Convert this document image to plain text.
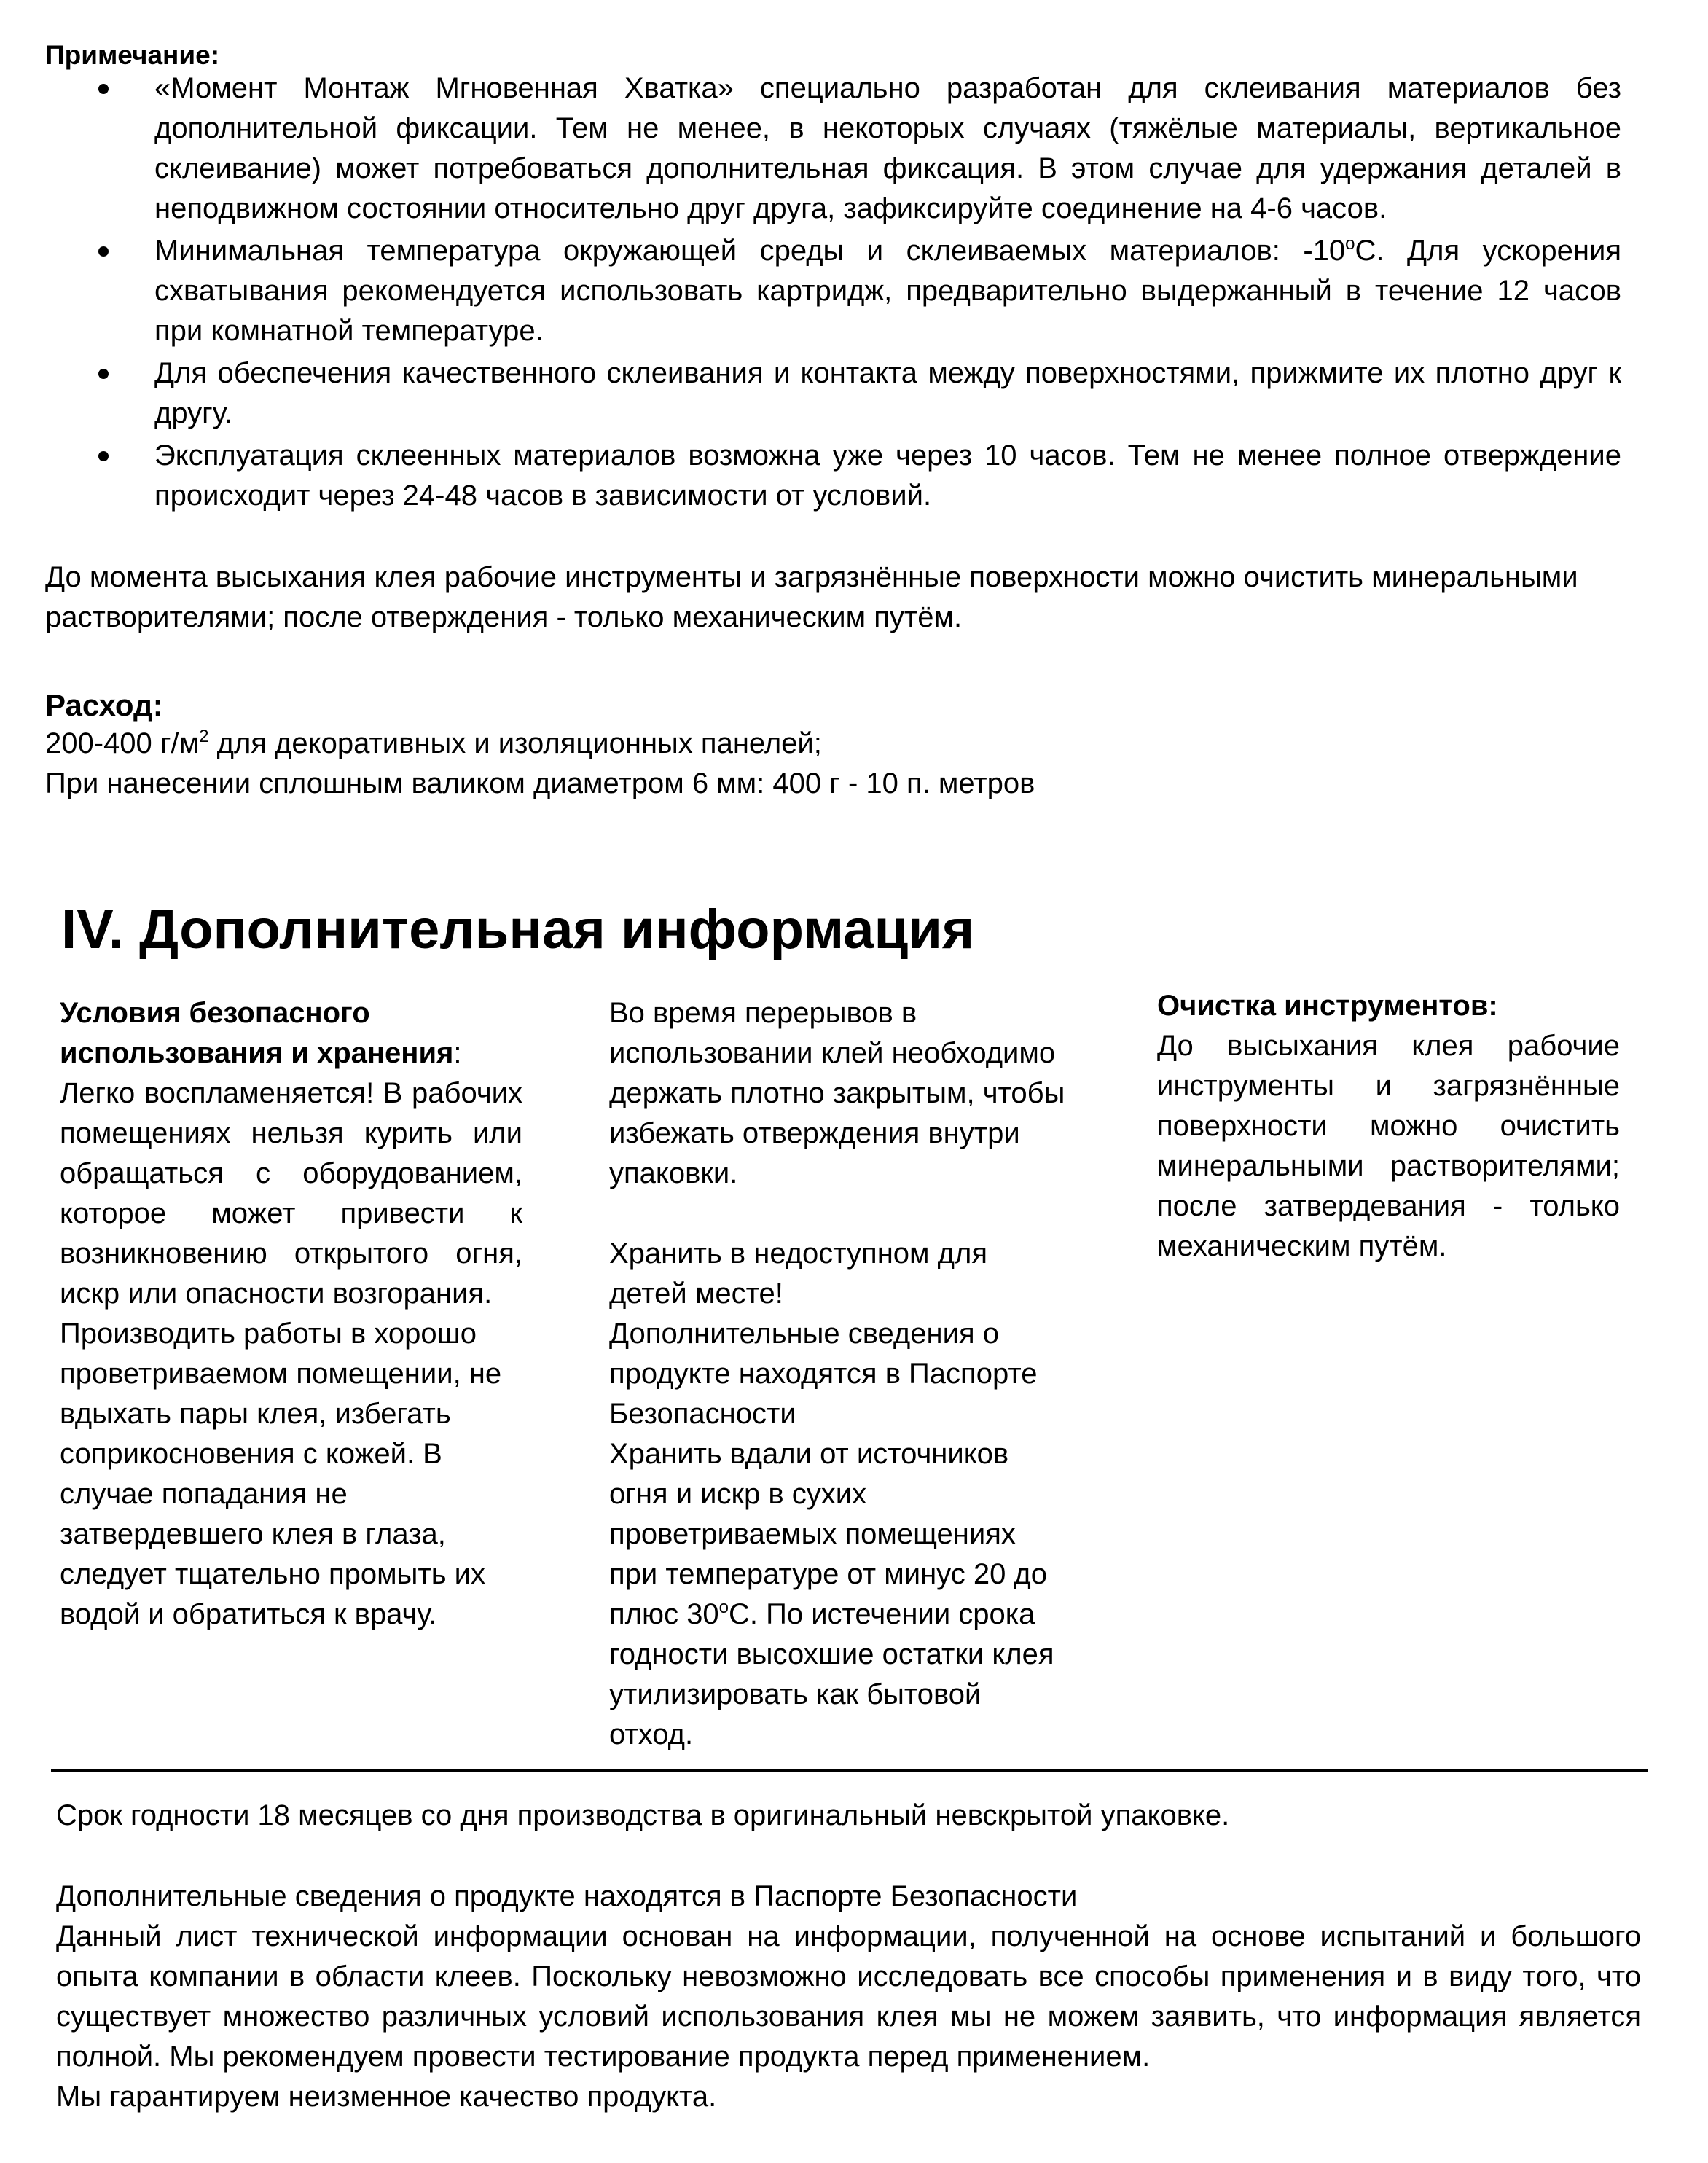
Примечание:
«Момент Монтаж Мгновенная Хватка» специально разработан для склеивания материалов без дополнительной фиксации. Тем не менее, в некоторых случаях (тяжёлые материалы, вертикальное склеивание) может потребоваться дополнительная фиксация. В этом случае для удержания деталей в неподвижном состоянии относительно друг друга, зафиксируйте соединение на 4-6 часов.
Минимальная температура окружающей среды и склеиваемых материалов: -10$^o$С. Для ускорения схватывания рекомендуется использовать картридж, предварительно выдержанный в течение 12 часов при комнатной температуре.
Для обеспечения качественного склеивания и контакта между поверхностями, прижмите их плотно друг к другу.
Эксплуатация склеенных материалов возможна уже через 10 часов. Тем не менее полное отверждение происходит через 24-48 часов в зависимости от условий.
До момента высыхания клея рабочие инструменты и загрязнённые поверхности можно очистить минеральными растворителями; после отверждения - только механическим путём.
Расход:
200-400 $г/м^2$ для декоративных и изоляционных панелей;
При нанесении сплошным валиком диаметром 6 мм: 400 г - 10 п. метров
IV. Дополнительная информация

Условия безопасного использования и хранения:

Легко воспламеняется! В рабочих помещениях нельзя курить или обращаться с оборудованием, которое может привести к возникновению открытого огня, искр или опасности возгорания.

Производить работы в хорошо проветриваемом помещении, не вдыхать пары клея, избегать соприкосновения с кожей. В случае попадания не затвердевшего клея в глаза, следует тщательно промыть их водой и обратиться к врачу.

Во время перерывов в использовании клей необходимо держать плотно закрытым, чтобы избежать отверждения внутри упаковки.

Хранить в недоступном для детей месте!

Дополнительные сведения о продукте находятся в Паспорте Безопасности

Хранить вдали от источников огня и искр в сухих проветриваемых помещениях при температуре от минус 20 до плюс 30$^o$С. По истечении срока годности высохшие остатки клея утилизировать как бытовой отход.

Очистка инструментов:

До высыхания клея рабочие инструменты и загрязнённые поверхности можно очистить минеральными растворителями; после затвердевания - только механическим путём.

Срок годности 18 месяцев со дня производства в оригинальный невскрытой упаковке.

Дополнительные сведения о продукте находятся в Паспорте Безопасности

Данный лист технической информации основан на информации, полученной на основе испытаний и большого опыта компании в области клеев. Поскольку невозможно исследовать все способы применения и в виду того, что существует множество различных условий использования клея мы не можем заявить, что информация является полной. Мы рекомендуем провести тестирование продукта перед применением.

Мы гарантируем неизменное качество продукта.
